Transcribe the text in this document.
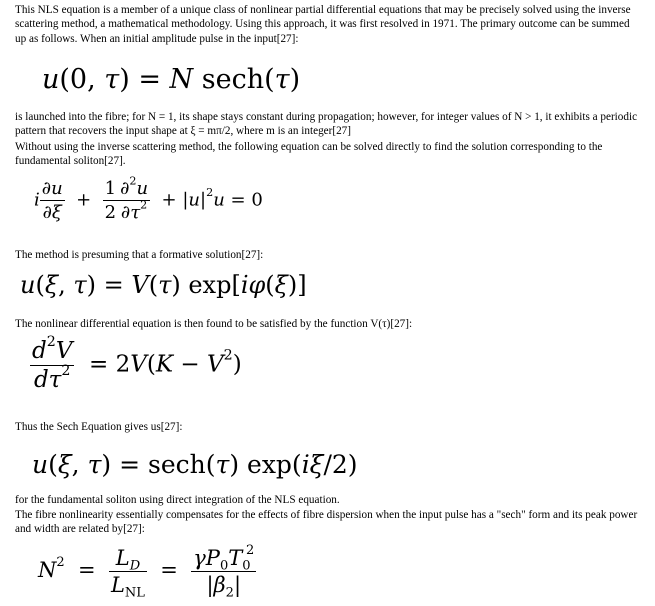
This NLS equation is a member of a unique class of nonlinear partial differential equations that may be precisely solved using the inverse scattering method, a mathematical methodology. Using this approach, it was first resolved in 1971. The primary outcome can be summed up as follows. When an initial amplitude pulse in the input[27]:

u(0, τ) = N sech(τ)

is launched into the fibre; for N = 1, its shape stays constant during propagation; however, for integer values of N > 1, it exhibits a periodic pattern that recovers the input shape at ξ = mπ/2, where m is an integer[27]

Without using the inverse scattering method, the following equation can be solved directly to find the solution corresponding to the fundamental soliton[27].

i $\frac{\partial u}{\partial\xi} + \frac{1}{2} \frac{\partial^2u}{\partial\tau^2} + |u|^2u = 0$

The method is presuming that a formative solution[27]:

u(ξ, τ) = V(τ) exp[iφ(ξ)]

The nonlinear differential equation is then found to be satisfied by the function V(τ)[27]:

$\frac{d^2V}{d\tau^2} = 2V(K - V^2)$

Thus the Sech Equation gives us[27]:

u(ξ, τ) = sech(τ) exp(iξ/2)

for the fundamental soliton using direct integration of the NLS equation.

The fibre nonlinearity essentially compensates for the effects of fibre dispersion when the input pulse has a "sech" form and its peak power and width are related by[27]:

$N^2 = \frac{L_D}{L_{NL}} = \frac{\gamma P_0T_0^2}{|\beta_2|}$
